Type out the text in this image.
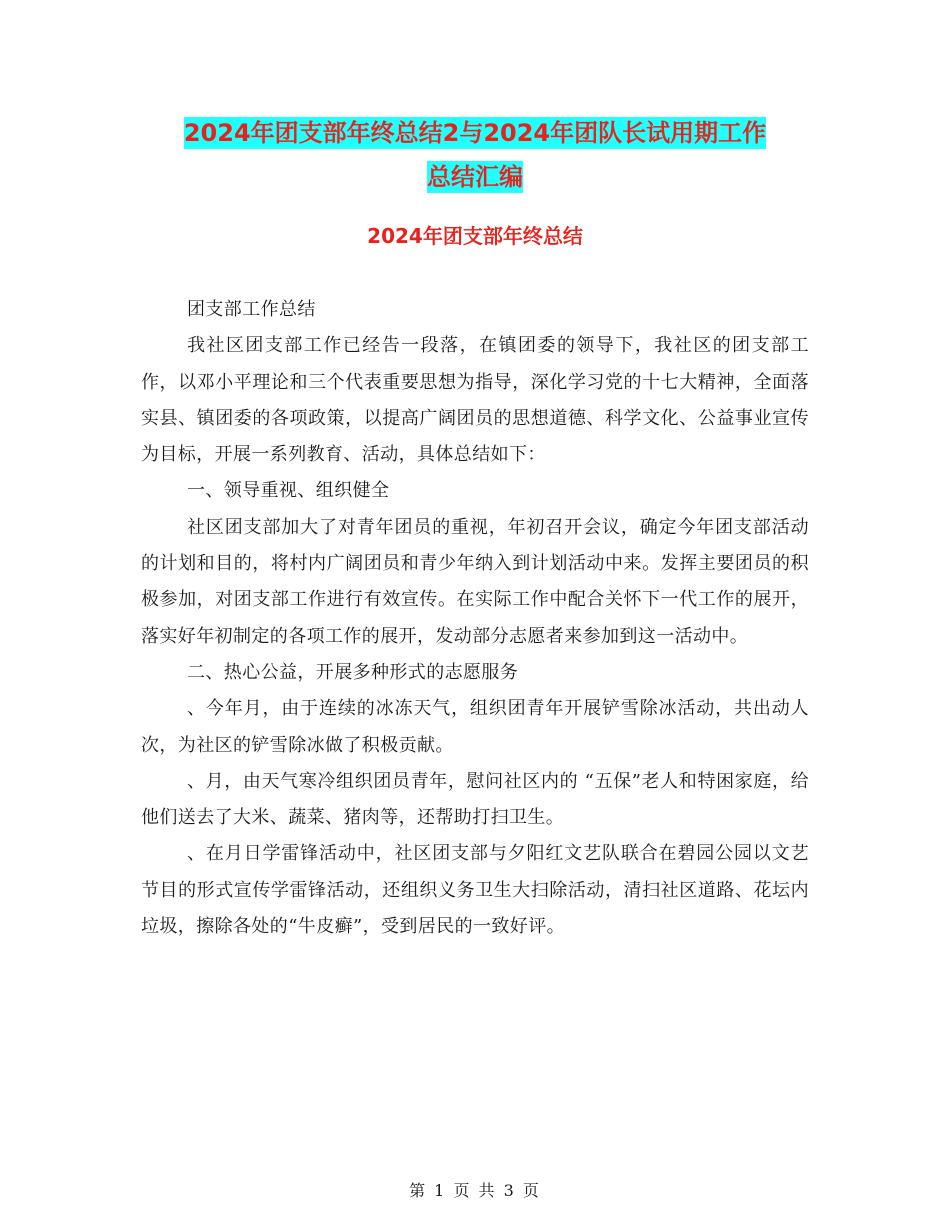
2024年团支部年终总结2与2024年团队长试用期工作
总结汇编
2024年团支部年终总结

团支部工作总结

我社区团支部工作已经告一段落，在镇团委的领导下，我社区的团支部工作，以邓小平理论和三个代表重要思想为指导，深化学习党的十七大精神，全面落实县、镇团委的各项政策，以提高广阔团员的思想道德、科学文化、公益事业宣传为目标，开展一系列教育、活动，具体总结如下：

一、领导重视、组织健全

社区团支部加大了对青年团员的重视，年初召开会议，确定今年团支部活动的计划和目的，将村内广阔团员和青少年纳入到计划活动中来。发挥主要团员的积极参加，对团支部工作进行有效宣传。在实际工作中配合关怀下一代工作的展开，落实好年初制定的各项工作的展开，发动部分志愿者来参加到这一活动中。

二、热心公益，开展多种形式的志愿服务

、今年月，由于连续的冰冻天气，组织团青年开展铲雪除冰活动，共出动人次，为社区的铲雪除冰做了积极贡献。

、月，由天气寒冷组织团员青年，慰问社区内的 “五保”老人和特困家庭，给他们送去了大米、蔬菜、猪肉等，还帮助打扫卫生。

、在月日学雷锋活动中，社区团支部与夕阳红文艺队联合在碧园公园以文艺节目的形式宣传学雷锋活动，还组织义务卫生大扫除活动，清扫社区道路、花坛内垃圾，擦除各处的“牛皮癣”，受到居民的一致好评。

第 1 页 共 3 页
